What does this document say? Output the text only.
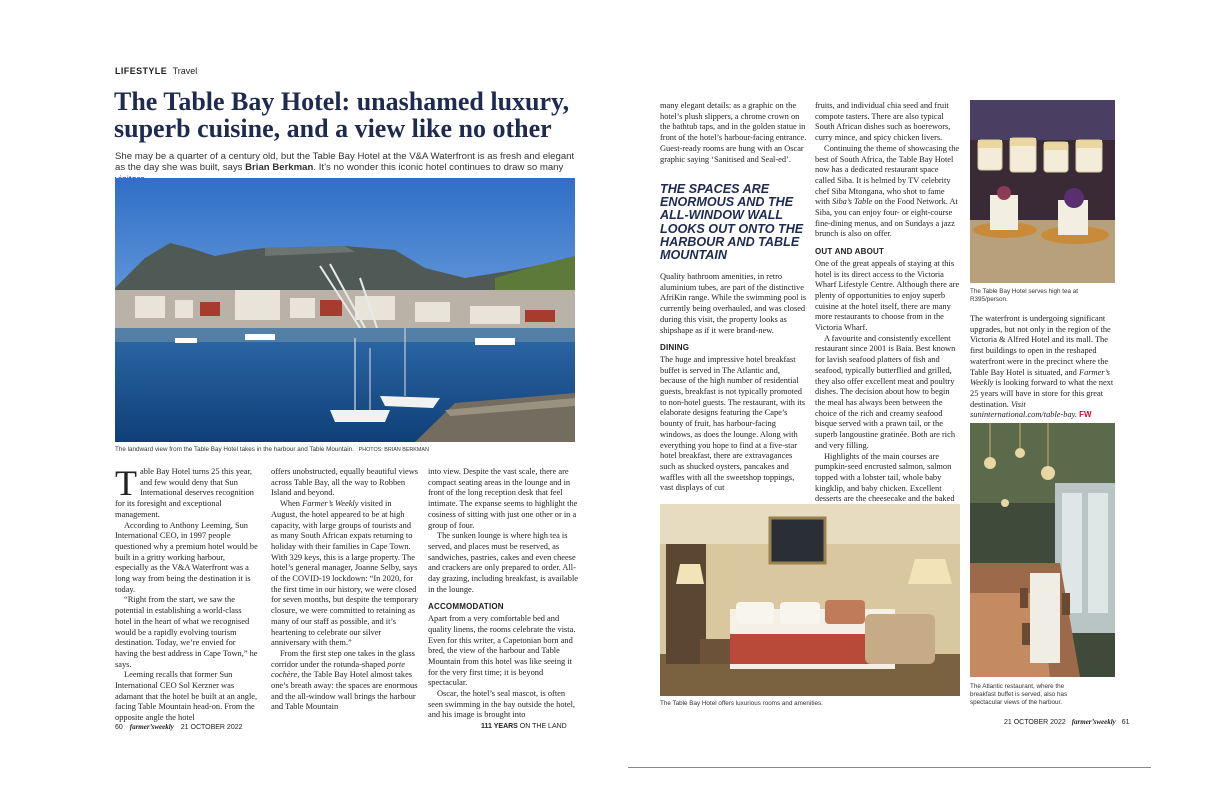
LIFESTYLE Travel
The Table Bay Hotel: unashamed luxury, superb cuisine, and a view like no other
She may be a quarter of a century old, but the Table Bay Hotel at the V&A Waterfront is as fresh and elegant as the day she was built, says Brian Berkman. It’s no wonder this iconic hotel continues to draw so many
The landward view from the Table Bay Hotel takes in the harbour and Table Mountain. PHOTOS: BRIAN BERKMAN

Table Bay Hotel turns 25 this year, and few would deny that Sun International deserves recognition for its foresight and exceptional management.

According to Anthony Leeming, Sun International CEO, in 1997 people questioned why a premium hotel would be built in a gritty working harbour, especially as the V&A Waterfront was a long way from being the destination it is today.

“Right from the start, we saw the potential in establishing a world-class hotel in the heart of what we recognised would be a rapidly evolving tourism destination. Today, we’re envied for having the best address in Cape Town,” he says.

Leeming recalls that former Sun International CEO Sol Kerzner was adamant that the hotel be built at an angle, facing Table Mountain head-on. From the opposite angle the hotel

offers unobstructed, equally beautiful views across Table Bay, all the way to Robben Island and beyond.

When Farmer’s Weekly visited in August, the hotel appeared to be at high capacity, with large groups of tourists and as many South African expats returning to holiday with their families in Cape Town. With 329 keys, this is a large property. The hotel’s general manager, Joanne Selby, says of the COVID-19 lockdown: “In 2020, for the first time in our history, we were closed for seven months, but despite the temporary closure, we were committed to retaining as many of our staff as possible, and it’s heartening to celebrate our silver anniversary with them.”

From the first step one takes in the glass corridor under the rotunda-shaped porte cochère, the Table Bay Hotel almost takes one’s breath away: the spaces are enormous and the all-window wall brings the harbour and Table Mountain

into view. Despite the vast scale, there are compact seating areas in the lounge and in front of the long reception desk that feel intimate. The expanse seems to highlight the cosiness of sitting with just one other or in a group of four.

The sunken lounge is where high tea is served, and places must be reserved, as sandwiches, pastries, cakes and even cheese and crackers are only prepared to order. All-day grazing, including breakfast, is available in the lounge.

ACCOMMODATION

Apart from a very comfortable bed and quality linens, the rooms celebrate the vista. Even for this writer, a Capetonian born and bred, the view of the harbour and Table Mountain from this hotel was like seeing it for the very first time; it is beyond spectacular.

Oscar, the hotel’s seal mascot, is often seen swimming in the bay outside the hotel, and his image is brought into

60 farmer’sweekly 21 OCTOBER 2022	111 YEARS ON THE LAND

many elegant details: as a graphic on the hotel’s plush slippers, a chrome crown on the bathtub taps, and in the golden statue in front of the hotel’s harbour-facing entrance. Guest-ready rooms are hung with an Oscar graphic saying ‘Sanitised and Seal-ed’.

THE SPACES ARE ENORMOUS AND THE ALL-WINDOW WALL LOOKS OUT ONTO THE HARBOUR AND TABLE MOUNTAIN

Quality bathroom amenities, in retro aluminium tubes, are part of the distinctive AfriKin range. While the swimming pool is currently being overhauled, and was closed during this visit, the property looks as shipshape as if it were brand-new.

DINING

The huge and impressive hotel breakfast buffet is served in The Atlantic and, because of the high number of residential guests, breakfast is not typically promoted to non-hotel guests. The restaurant, with its elaborate designs featuring the Cape’s bounty of fruit, has harbour-facing windows, as does the lounge. Along with everything you hope to find at a five-star hotel breakfast, there are extravagances such as shucked oysters, pancakes and waffles with all the sweetshop toppings, vast displays of cut

fruits, and individual chia seed and fruit compote tasters. There are also typical South African dishes such as boerewors, curry mince, and spicy chicken livers.

Continuing the theme of showcasing the best of South Africa, the Table Bay Hotel now has a dedicated restaurant space called Siba. It is helmed by TV celebrity chef Siba Mtongana, who shot to fame with Siba’s Table on the Food Network. At Siba, you can enjoy four- or eight-course fine-dining menus, and on Sundays a jazz brunch is also on offer.

OUT AND ABOUT

One of the great appeals of staying at this hotel is its direct access to the Victoria Wharf Lifestyle Centre. Although there are plenty of opportunities to enjoy superb cuisine at the hotel itself, there are many more restaurants to choose from in the Victoria Wharf.

A favourite and consistently excellent restaurant since 2001 is Baia. Best known for lavish seafood platters of fish and seafood, typically butterflied and grilled, they also offer excellent meat and poultry dishes. The decision about how to begin the meal has always been between the choice of the rich and creamy seafood bisque served with a prawn tail, or the superb langoustine gratinée. Both are rich and very filling.

Highlights of the main courses are pumpkin-seed encrusted salmon, salmon topped with a lobster tail, whole baby kingklip, and baby chicken. Excellent desserts are the cheesecake and the baked

The Table Bay Hotel serves high tea at R395/person.

The waterfront is undergoing significant upgrades, but not only in the region of the Victoria & Alfred Hotel and its mall. The first buildings to open in the reshaped waterfront were in the precinct where the Table Bay Hotel is situated, and Farmer’s Weekly is looking forward to what the next 25 years will have in store for this great destination. Visit suninternational.com/table-bay. FW

The Table Bay Hotel offers luxurious rooms and amenities.
The Atlantic restaurant, where the breakfast buffet is served, also has spectacular views of the harbour.
21 OCTOBER 2022 farmer’sweekly 61
